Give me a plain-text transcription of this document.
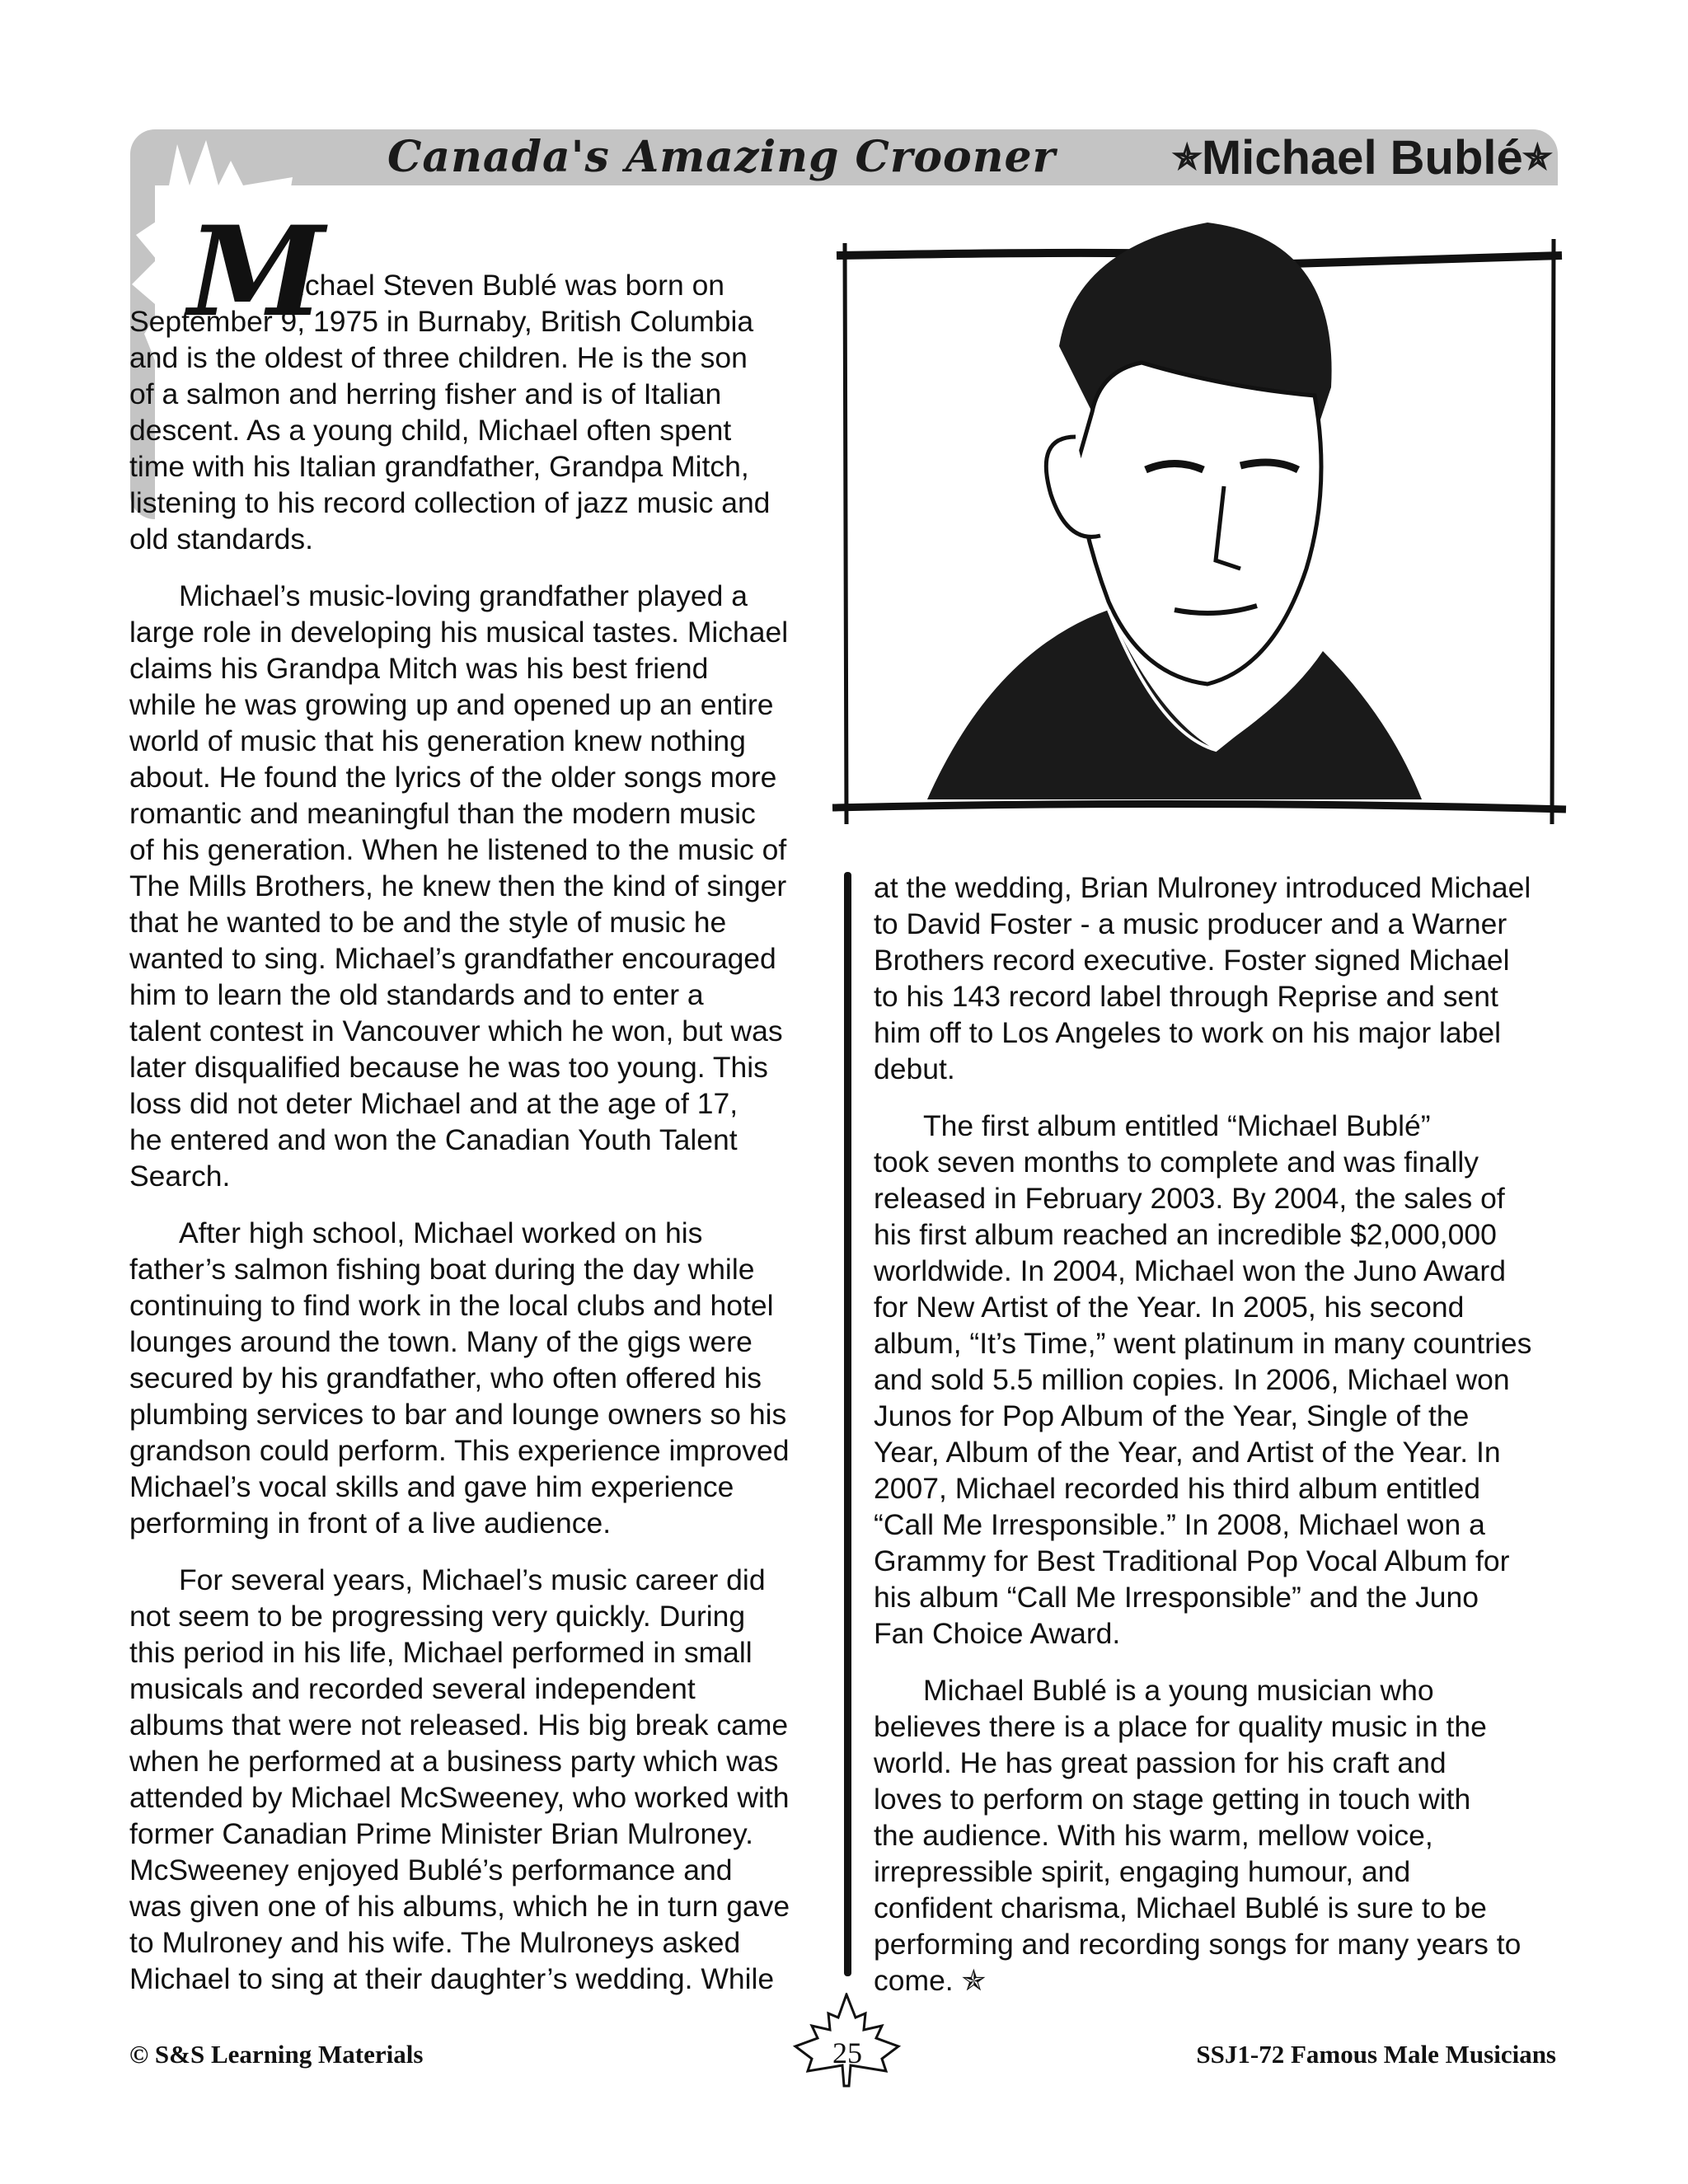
Canada's Amazing Crooner	✯Michael Bublé✯
M
ichael Steven Bublé was born on
September 9, 1975 in Burnaby, British Columbia
and is the oldest of three children. He is the son
of a salmon and herring fisher and is of Italian
descent. As a young child, Michael often spent
time with his Italian grandfather, Grandpa Mitch,
listening to his record collection of jazz music and
old standards.
Michael’s music-loving grandfather played a
large role in developing his musical tastes. Michael
claims his Grandpa Mitch was his best friend
while he was growing up and opened up an entire
world of music that his generation knew nothing
about. He found the lyrics of the older songs more
romantic and meaningful than the modern music
of his generation. When he listened to the music of
The Mills Brothers, he knew then the kind of singer
that he wanted to be and the style of music he
wanted to sing. Michael’s grandfather encouraged
him to learn the old standards and to enter a
talent contest in Vancouver which he won, but was
later disqualified because he was too young. This
loss did not deter Michael and at the age of 17,
he entered and won the Canadian Youth Talent
Search.
After high school, Michael worked on his
father’s salmon fishing boat during the day while
continuing to find work in the local clubs and hotel
lounges around the town. Many of the gigs were
secured by his grandfather, who often offered his
plumbing services to bar and lounge owners so his
grandson could perform. This experience improved
Michael’s vocal skills and gave him experience
performing in front of a live audience.
For several years, Michael’s music career did
not seem to be progressing very quickly. During
this period in his life, Michael performed in small
musicals and recorded several independent
albums that were not released. His big break came
when he performed at a business party which was
attended by Michael McSweeney, who worked with
former Canadian Prime Minister Brian Mulroney.
McSweeney enjoyed Bublé’s performance and
was given one of his albums, which he in turn gave
to Mulroney and his wife. The Mulroneys asked
Michael to sing at their daughter’s wedding. While
at the wedding, Brian Mulroney introduced Michael
to David Foster - a music producer and a Warner
Brothers record executive. Foster signed Michael
to his 143 record label through Reprise and sent
him off to Los Angeles to work on his major label
debut.
The first album entitled “Michael Bublé”
took seven months to complete and was finally
released in February 2003. By 2004, the sales of
his first album reached an incredible $2,000,000
worldwide. In 2004, Michael won the Juno Award
for New Artist of the Year. In 2005, his second
album, “It’s Time,” went platinum in many countries
and sold 5.5 million copies. In 2006, Michael won
Junos for Pop Album of the Year, Single of the
Year, Album of the Year, and Artist of the Year. In
2007, Michael recorded his third album entitled
“Call Me Irresponsible.” In 2008, Michael won a
Grammy for Best Traditional Pop Vocal Album for
his album “Call Me Irresponsible” and the Juno
Fan Choice Award.
Michael Bublé is a young musician who
believes there is a place for quality music in the
world. He has great passion for his craft and
loves to perform on stage getting in touch with
the audience. With his warm, mellow voice,
irrepressible spirit, engaging humour, and
confident charisma, Michael Bublé is sure to be
performing and recording songs for many years to
come. ✯
© S&S Learning Materials	25	SSJ1-72 Famous Male Musicians
